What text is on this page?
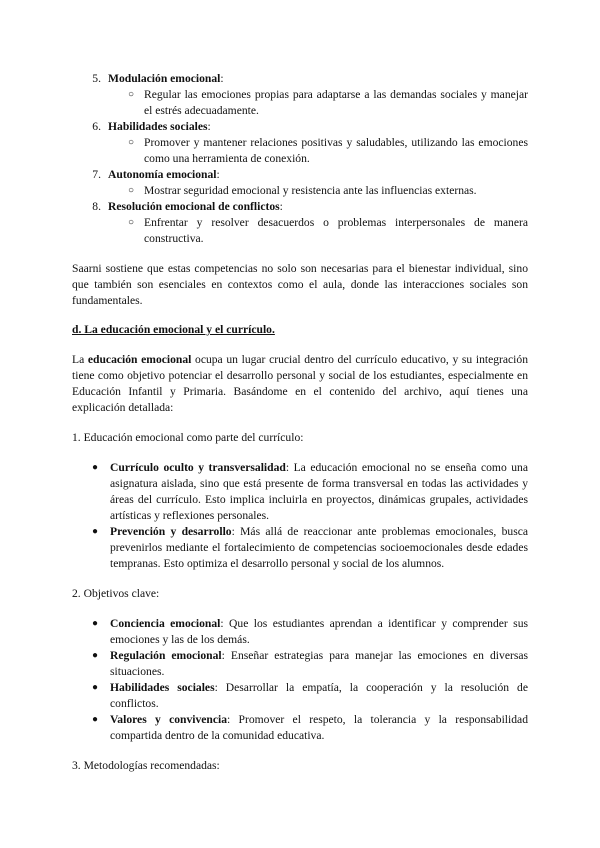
5. Modulación emocional:
○ Regular las emociones propias para adaptarse a las demandas sociales y manejar el estrés adecuadamente.
6. Habilidades sociales:
○ Promover y mantener relaciones positivas y saludables, utilizando las emociones como una herramienta de conexión.
7. Autonomía emocional:
○ Mostrar seguridad emocional y resistencia ante las influencias externas.
8. Resolución emocional de conflictos:
○ Enfrentar y resolver desacuerdos o problemas interpersonales de manera constructiva.

Saarni sostiene que estas competencias no solo son necesarias para el bienestar individual, sino que también son esenciales en contextos como el aula, donde las interacciones sociales son fundamentales.

d. La educación emocional y el currículo.

La educación emocional ocupa un lugar crucial dentro del currículo educativo, y su integración tiene como objetivo potenciar el desarrollo personal y social de los estudiantes, especialmente en Educación Infantil y Primaria. Basándome en el contenido del archivo, aquí tienes una explicación detallada:

1. Educación emocional como parte del currículo:

●	Currículo oculto y transversalidad: La educación emocional no se enseña como una asignatura aislada, sino que está presente de forma transversal en todas las actividades y áreas del currículo. Esto implica incluirla en proyectos, dinámicas grupales, actividades artísticas y reflexiones personales.
●	Prevención y desarrollo: Más allá de reaccionar ante problemas emocionales, busca prevenirlos mediante el fortalecimiento de competencias socioemocionales desde edades tempranas. Esto optimiza el desarrollo personal y social de los alumnos.

2. Objetivos clave:

●	Conciencia emocional: Que los estudiantes aprendan a identificar y comprender sus emociones y las de los demás.
●	Regulación emocional: Enseñar estrategias para manejar las emociones en diversas situaciones.
●	Habilidades sociales: Desarrollar la empatía, la cooperación y la resolución de conflictos.
●	Valores y convivencia: Promover el respeto, la tolerancia y la responsabilidad compartida dentro de la comunidad educativa.

3. Metodologías recomendadas:
